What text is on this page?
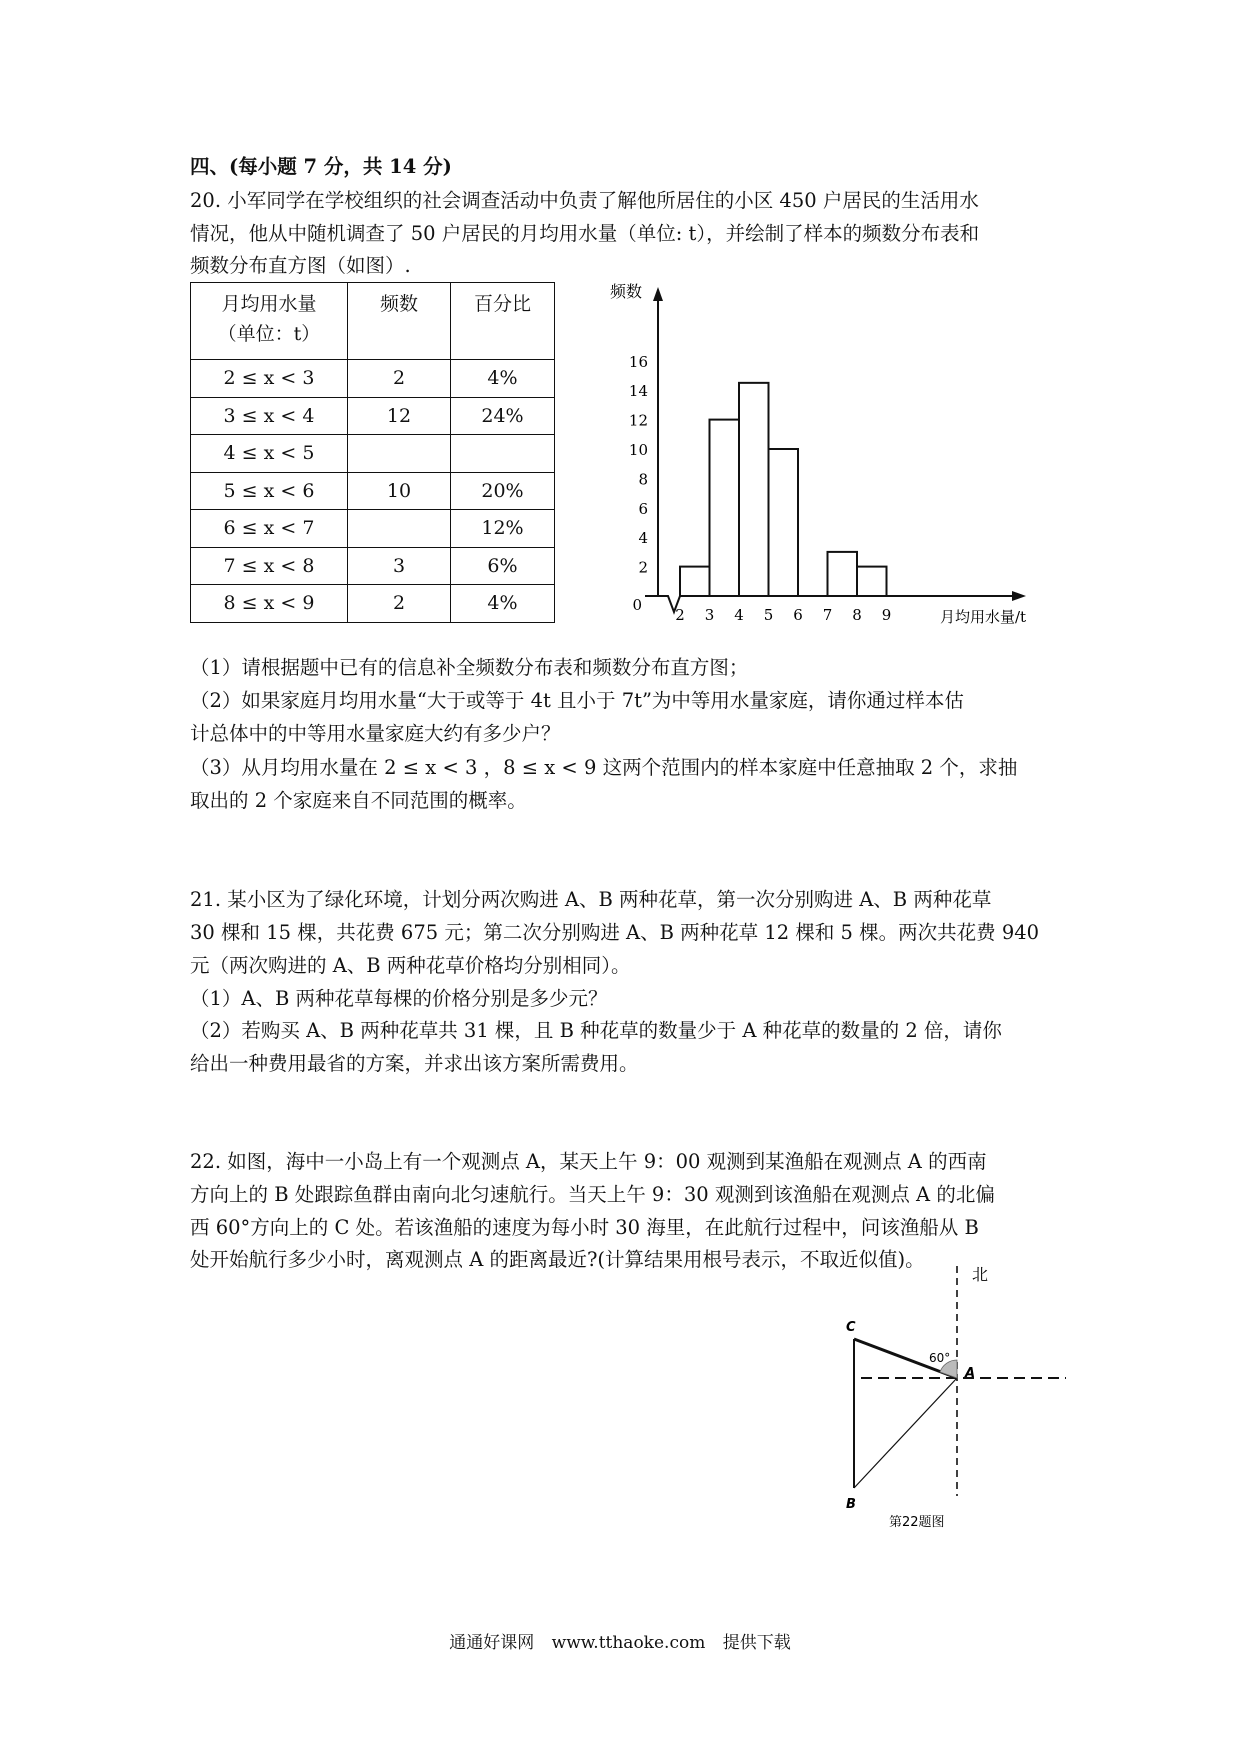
四、(每小题 7 分，共 14 分)
20. 小军同学在学校组织的社会调查活动中负责了解他所居住的小区 450 户居民的生活用水
情况，他从中随机调查了 50 户居民的月均用水量（单位: t），并绘制了样本的频数分布表和
频数分布直方图（如图）.
月均用水量
（单位：t）	频数	百分比
2 ≤ x < 3	2	4%
3 ≤ x < 4	12	24%
4 ≤ x < 5		
5 ≤ x < 6	10	20%
6 ≤ x < 7		12%
7 ≤ x < 8	3	6%
8 ≤ x < 9	2	4%
2
4
6
8
10
12
14
16
2 3 4 5 6 7 8 9
0
频数
月均用水量/t
（1）请根据题中已有的信息补全频数分布表和频数分布直方图；
（2）如果家庭月均用水量“大于或等于 4t 且小于 7t”为中等用水量家庭，请你通过样本估
计总体中的中等用水量家庭大约有多少户？
（3）从月均用水量在 2 ≤ x < 3 ，8 ≤ x < 9 这两个范围内的样本家庭中任意抽取 2 个，求抽
取出的 2 个家庭来自不同范围的概率。
21. 某小区为了绿化环境，计划分两次购进 A、B 两种花草，第一次分别购进 A、B 两种花草
30 棵和 15 棵，共花费 675 元；第二次分别购进 A、B 两种花草 12 棵和 5 棵。两次共花费 940
元（两次购进的 A、B 两种花草价格均分别相同）。
（1）A、B 两种花草每棵的价格分别是多少元？
（2）若购买 A、B 两种花草共 31 棵，且 B 种花草的数量少于 A 种花草的数量的 2 倍，请你
给出一种费用最省的方案，并求出该方案所需费用。
22. 如图，海中一小岛上有一个观测点 A，某天上午 9：00 观测到某渔船在观测点 A 的西南
方向上的 B 处跟踪鱼群由南向北匀速航行。当天上午 9：30 观测到该渔船在观测点 A 的北偏
西 60°方向上的 C 处。若该渔船的速度为每小时 30 海里，在此航行过程中，问该渔船从 B
处开始航行多少小时，离观测点 A 的距离最近?(计算结果用根号表示，不取近似值)。
北
60°
A
B
C
第22题图
通通好课网 www.tthaoke.com 提供下载
